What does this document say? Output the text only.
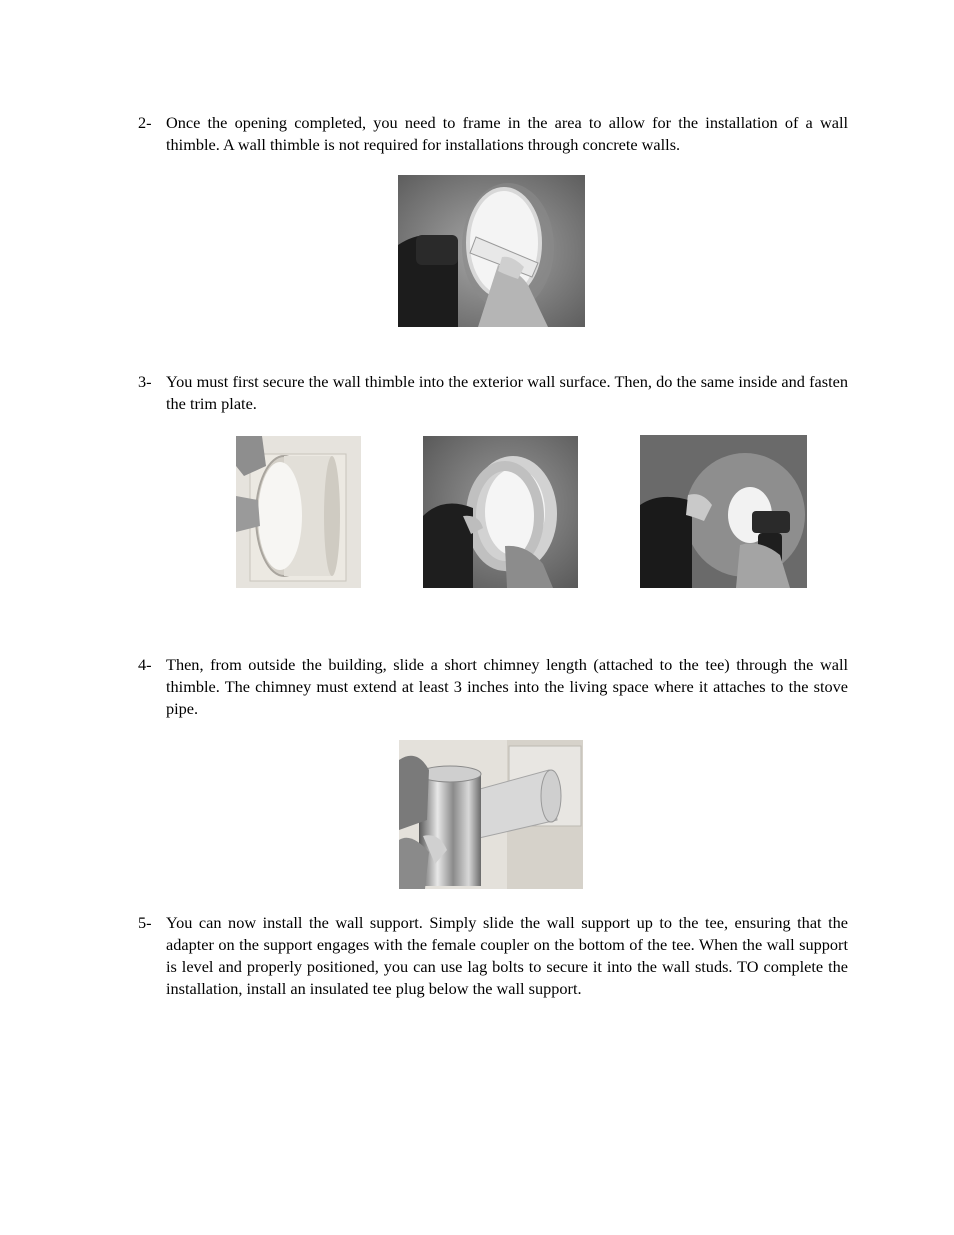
2- Once the opening completed, you need to frame in the area to allow for the installation of a wall thimble. A wall thimble is not required for installations through concrete walls.
3- You must first secure the wall thimble into the exterior wall surface. Then, do the same inside and fasten the trim plate.
4- Then, from outside the building, slide a short chimney length (attached to the tee) through the wall thimble. The chimney must extend at least 3 inches into the living space where it attaches to the stove pipe.
5- You can now install the wall support. Simply slide the wall support up to the tee, ensuring that the adapter on the support engages with the female coupler on the bottom of the tee. When the wall support is level and properly positioned, you can use lag bolts to secure it into the wall studs. TO complete the installation, install an insulated tee plug below the wall support.
